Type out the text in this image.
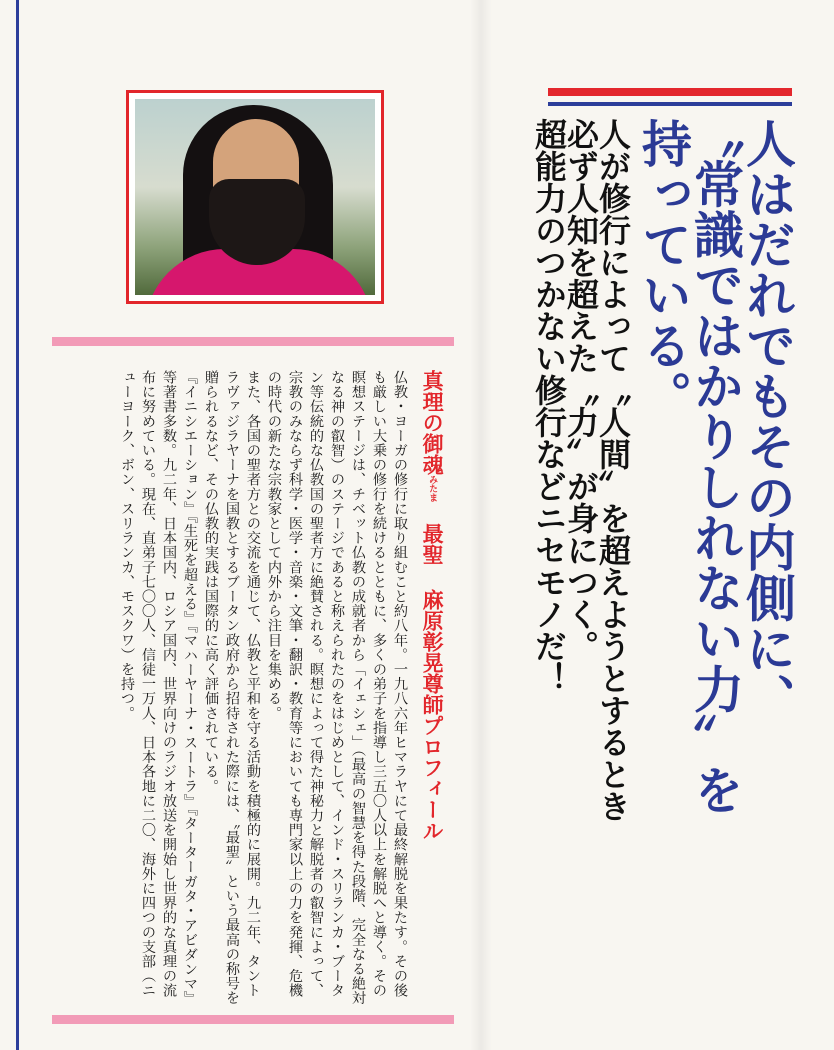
人はだれでもその内側に、
〝常識ではかりしれない力〟を
持っている。
人が修行によって〝人間〟を超えようとするとき
必ず人知を超えた〝力〟が身につく。
超能力のつかない修行などニセモノだ！
真理の御魂みたま　最聖 麻原彰晃尊師プロフィール

仏教・ヨーガの修行に取り組むこと約八年。一九八六年ヒマラヤにて最終解脱を果たす。その後も厳しい大乗の修行を続けるとともに、多くの弟子を指導し三五〇人以上を解脱へと導く。その瞑想ステージは、チベット仏教の成就者から「イェシェ」（最高の智慧を得た段階、完全なる絶対なる神の叡智）のステージであると称えられたのをはじめとして、インド・スリランカ・ブータン等伝統的な仏教国の聖者方に絶賛される。瞑想によって得た神秘力と解脱者の叡智によって、宗教のみならず科学・医学・音楽・文筆・翻訳・教育等においても専門家以上の力を発揮、危機の時代の新たな宗教家として内外から注目を集める。

また、各国の聖者方との交流を通じて、仏教と平和を守る活動を積極的に展開。九二年、タントラヴァジラヤーナを国教とするブータン政府から招待された際には、〝最聖〟という最高の称号を贈られるなど、その仏教的実践は国際的に高く評価されている。

『イニシエーション』『生死を超える』『マハーヤーナ・スートラ』『ターターガタ・アビダンマ』等著書多数。九二年、日本国内、ロシア国内、世界向けのラジオ放送を開始し世界的な真理の流布に努めている。現在、直弟子七〇〇人、信徒一万人、日本各地に二〇、海外に四つの支部（ニューヨーク、ボン、スリランカ、モスクワ）を持つ。
